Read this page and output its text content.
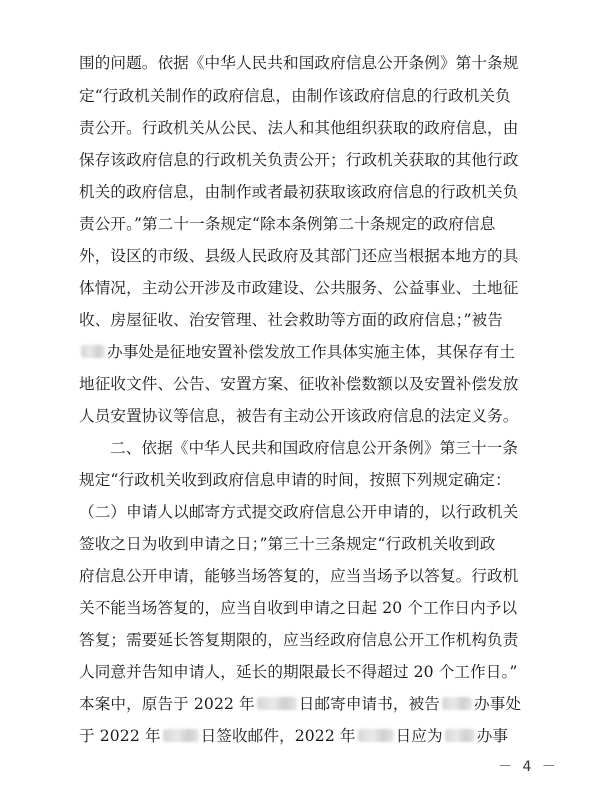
围的问题。依据《中华人民共和国政府信息公开条例》第十条规
定“行政机关制作的政府信息，由制作该政府信息的行政机关负
责公开。行政机关从公民、法人和其他组织获取的政府信息，由
保存该政府信息的行政机关负责公开；行政机关获取的其他行政
机关的政府信息，由制作或者最初获取该政府信息的行政机关负
责公开。”第二十一条规定“除本条例第二十条规定的政府信息
外，设区的市级、县级人民政府及其部门还应当根据本地方的具
体情况，主动公开涉及市政建设、公共服务、公益事业、土地征
收、房屋征收、治安管理、社会救助等方面的政府信息；”被告
办事处是征地安置补偿发放工作具体实施主体，其保存有土
地征收文件、公告、安置方案、征收补偿数额以及安置补偿发放
人员安置协议等信息，被告有主动公开该政府信息的法定义务。
二、依据《中华人民共和国政府信息公开条例》第三十一条
规定“行政机关收到政府信息申请的时间，按照下列规定确定：
（二）申请人以邮寄方式提交政府信息公开申请的，以行政机关
签收之日为收到申请之日；”第三十三条规定“行政机关收到政
府信息公开申请，能够当场答复的，应当当场予以答复。行政机
关不能当场答复的，应当自收到申请之日起 20 个工作日内予以
答复；需要延长答复期限的，应当经政府信息公开工作机构负责
人同意并告知申请人，延长的期限最长不得超过 20 个工作日。”
本案中，原告于 2022 年	日邮寄申请书，被告 办事处
于 2022 年	日签收邮件，2022 年	日应为 办事
－ 4 －
